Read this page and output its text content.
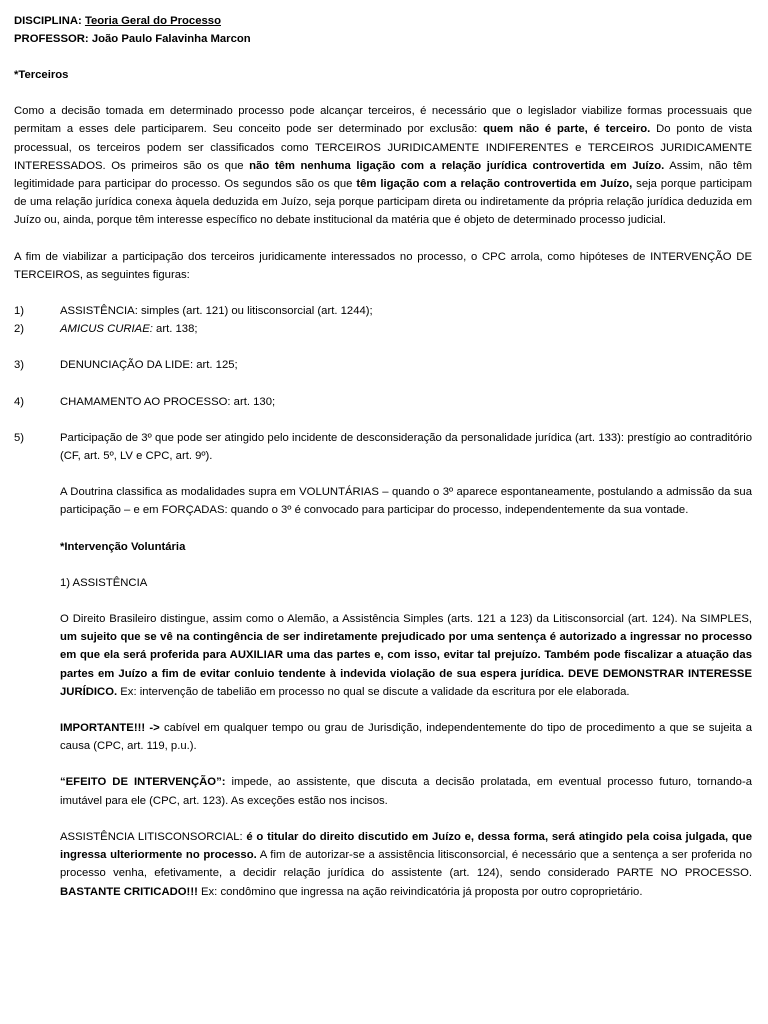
DISCIPLINA: Teoria Geral do Processo

PROFESSOR: João Paulo Falavinha Marcon

*Terceiros

Como a decisão tomada em determinado processo pode alcançar terceiros, é necessário que o legislador viabilize formas processuais que permitam a esses dele participarem. Seu conceito pode ser determinado por exclusão: quem não é parte, é terceiro. Do ponto de vista processual, os terceiros podem ser classificados como TERCEIROS JURIDICAMENTE INDIFERENTES e TERCEIROS JURIDICAMENTE INTERESSADOS. Os primeiros são os que não têm nenhuma ligação com a relação jurídica controvertida em Juízo. Assim, não têm legitimidade para participar do processo. Os segundos são os que têm ligação com a relação controvertida em Juízo, seja porque participam de uma relação jurídica conexa àquela deduzida em Juízo, seja porque participam direta ou indiretamente da própria relação jurídica deduzida em Juízo ou, ainda, porque têm interesse específico no debate institucional da matéria que é objeto de determinado processo judicial.

A fim de viabilizar a participação dos terceiros juridicamente interessados no processo, o CPC arrola, como hipóteses de INTERVENÇÃO DE TERCEIROS, as seguintes figuras:

1)	ASSISTÊNCIA: simples (art. 121) ou litisconsorcial (art. 1244);
2)	AMICUS CURIAE: art. 138;
3)	DENUNCIAÇÃO DA LIDE: art. 125;
4)	CHAMAMENTO AO PROCESSO: art. 130;
5)	Participação de 3º que pode ser atingido pelo incidente de desconsideração da personalidade jurídica (art. 133): prestígio ao contraditório (CF, art. 5º, LV e CPC, art. 9º).

A Doutrina classifica as modalidades supra em VOLUNTÁRIAS – quando o 3º aparece espontaneamente, postulando a admissão da sua participação – e em FORÇADAS: quando o 3º é convocado para participar do processo, independentemente da sua vontade.

*Intervenção Voluntária

1) ASSISTÊNCIA

O Direito Brasileiro distingue, assim como o Alemão, a Assistência Simples (arts. 121 a 123) da Litisconsorcial (art. 124). Na SIMPLES, um sujeito que se vê na contingência de ser indiretamente prejudicado por uma sentença é autorizado a ingressar no processo em que ela será proferida para AUXILIAR uma das partes e, com isso, evitar tal prejuízo. Também pode fiscalizar a atuação das partes em Juízo a fim de evitar conluio tendente à indevida violação de sua espera jurídica. DEVE DEMONSTRAR INTERESSE JURÍDICO. Ex: intervenção de tabelião em processo no qual se discute a validade da escritura por ele elaborada.

IMPORTANTE!!! -> cabível em qualquer tempo ou grau de Jurisdição, independentemente do tipo de procedimento a que se sujeita a causa (CPC, art. 119, p.u.).

“EFEITO DE INTERVENÇÃO”: impede, ao assistente, que discuta a decisão prolatada, em eventual processo futuro, tornando-a imutável para ele (CPC, art. 123). As exceções estão nos incisos.

ASSISTÊNCIA LITISCONSORCIAL: é o titular do direito discutido em Juízo e, dessa forma, será atingido pela coisa julgada, que ingressa ulteriormente no processo. A fim de autorizar-se a assistência litisconsorcial, é necessário que a sentença a ser proferida no processo venha, efetivamente, a decidir relação jurídica do assistente (art. 124), sendo considerado PARTE NO PROCESSO. BASTANTE CRITICADO!!! Ex: condômino que ingressa na ação reivindicatória já proposta por outro coproprietário.
